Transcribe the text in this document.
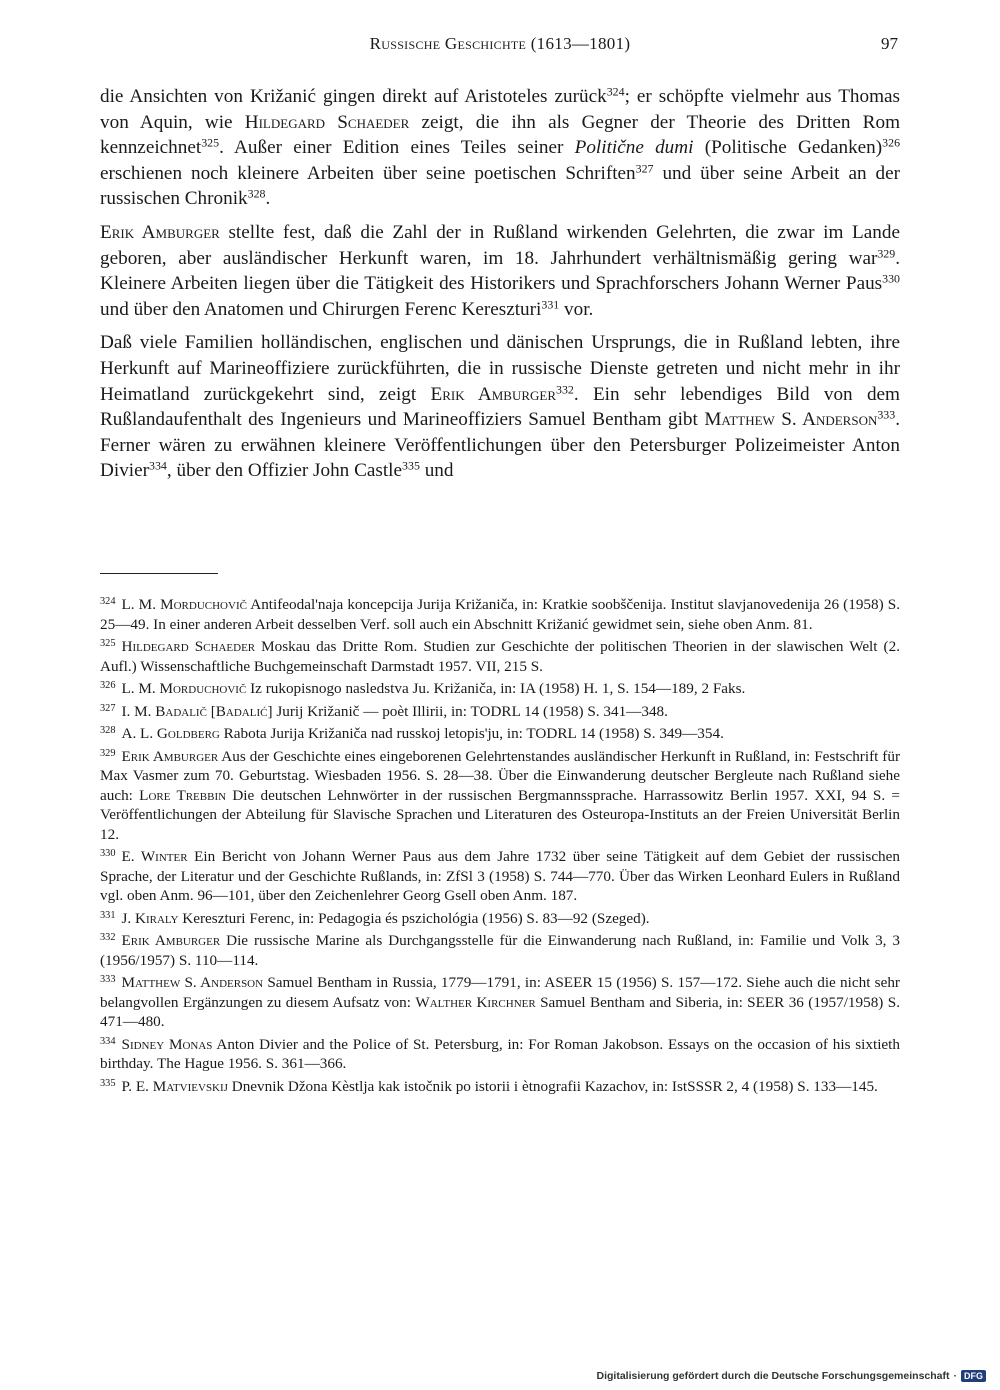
Russische Geschichte (1613—1801)	97

die Ansichten von Križanić gingen direkt auf Aristoteles zurück$^{324}$; er schöpfte vielmehr aus Thomas von Aquin, wie Hildegard Schaeder zeigt, die ihn als Gegner der Theorie des Dritten Rom kennzeichnet$^{325}$. Außer einer Edition eines Teiles seiner Politične dumi (Politische Gedanken)$^{326}$ erschienen noch kleinere Arbeiten über seine poetischen Schriften$^{327}$ und über seine Arbeit an der russischen Chronik$^{328}$.

Erik Amburger stellte fest, daß die Zahl der in Rußland wirkenden Gelehrten, die zwar im Lande geboren, aber ausländischer Herkunft waren, im 18. Jahrhundert verhältnismäßig gering war$^{329}$. Kleinere Arbeiten liegen über die Tätigkeit des Historikers und Sprachforschers Johann Werner Paus$^{330}$ und über den Anatomen und Chirurgen Ferenc Kereszturi$^{331}$ vor.

Daß viele Familien holländischen, englischen und dänischen Ursprungs, die in Rußland lebten, ihre Herkunft auf Marineoffiziere zurückführten, die in russische Dienste getreten und nicht mehr in ihr Heimatland zurückgekehrt sind, zeigt Erik Amburger$^{332}$. Ein sehr lebendiges Bild von dem Rußlandaufenthalt des Ingenieurs und Marineoffiziers Samuel Bentham gibt Matthew S. Anderson$^{333}$. Ferner wären zu erwähnen kleinere Veröffentlichungen über den Petersburger Polizeimeister Anton Divier$^{334}$, über den Offizier John Castle$^{335}$ und

$^{324}$ L. M. Morduchovič Antifeodal'naja koncepcija Jurija Križaniča, in: Kratkie soobščenija. Institut slavjanovedenija 26 (1958) S. 25—49. In einer anderen Arbeit desselben Verf. soll auch ein Abschnitt Križanić gewidmet sein, siehe oben Anm. 81.
$^{325}$ Hildegard Schaeder Moskau das Dritte Rom. Studien zur Geschichte der politischen Theorien in der slawischen Welt (2. Aufl.) Wissenschaftliche Buchgemeinschaft Darmstadt 1957. VII, 215 S.
$^{326}$ L. M. Morduchovič Iz rukopisnogo nasledstva Ju. Križaniča, in: IA (1958) H. 1, S. 154—189, 2 Faks.
$^{327}$ I. M. Badalič [Badalić] Jurij Križanič — poèt Illirii, in: TODRL 14 (1958) S. 341—348.
$^{328}$ A. L. Goldberg Rabota Jurija Križaniča nad russkoj letopis'ju, in: TODRL 14 (1958) S. 349—354.
$^{329}$ Erik Amburger Aus der Geschichte eines eingeborenen Gelehrtenstandes ausländischer Herkunft in Rußland, in: Festschrift für Max Vasmer zum 70. Geburtstag. Wiesbaden 1956. S. 28—38. Über die Einwanderung deutscher Bergleute nach Rußland siehe auch: Lore Trebbin Die deutschen Lehnwörter in der russischen Bergmannssprache. Harrassowitz Berlin 1957. XXI, 94 S. = Veröffentlichungen der Abteilung für Slavische Sprachen und Literaturen des Osteuropa-Instituts an der Freien Universität Berlin 12.
$^{330}$ E. Winter Ein Bericht von Johann Werner Paus aus dem Jahre 1732 über seine Tätigkeit auf dem Gebiet der russischen Sprache, der Literatur und der Geschichte Rußlands, in: ZfSl 3 (1958) S. 744—770. Über das Wirken Leonhard Eulers in Rußland vgl. oben Anm. 96—101, über den Zeichenlehrer Georg Gsell oben Anm. 187.
$^{331}$ J. Kiraly Kereszturi Ferenc, in: Pedagogia és pszichológia (1956) S. 83—92 (Szeged).
$^{332}$ Erik Amburger Die russische Marine als Durchgangsstelle für die Einwanderung nach Rußland, in: Familie und Volk 3, 3 (1956/1957) S. 110—114.
$^{333}$ Matthew S. Anderson Samuel Bentham in Russia, 1779—1791, in: ASEER 15 (1956) S. 157—172. Siehe auch die nicht sehr belangvollen Ergänzungen zu diesem Aufsatz von: Walther Kirchner Samuel Bentham and Siberia, in: SEER 36 (1957/1958) S. 471—480.
$^{334}$ Sidney Monas Anton Divier and the Police of St. Petersburg, in: For Roman Jakobson. Essays on the occasion of his sixtieth birthday. The Hague 1956. S. 361—366.
$^{335}$ P. E. Matvievskij Dnevnik Džona Kèstlja kak istočnik po istorii i ètnografii Kazachov, in: IstSSSR 2, 4 (1958) S. 133—145.
Digitalisierung gefördert durch die Deutsche Forschungsgemeinschaft · DFG
